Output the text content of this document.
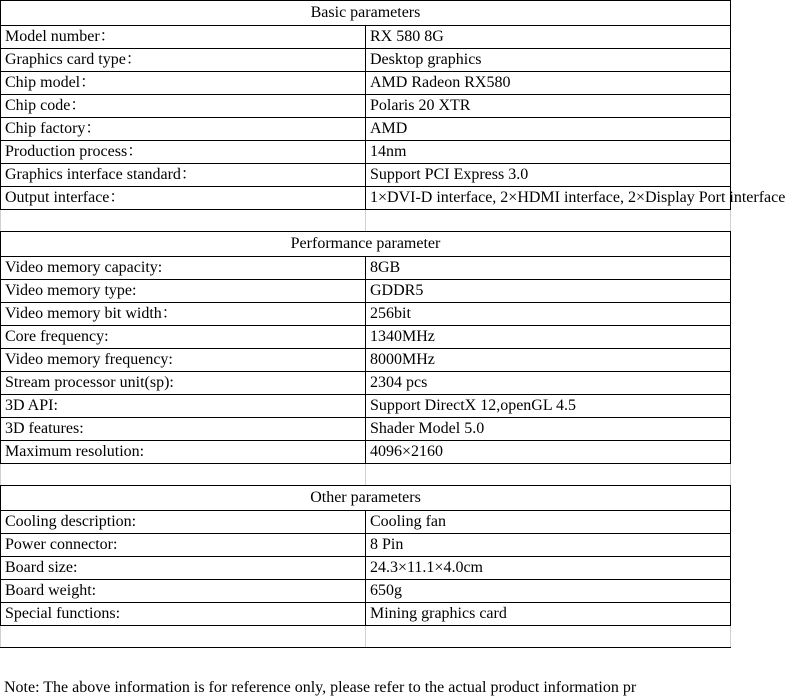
Basic parameters	
Model number：	RX 580 8G
Graphics card type：	Desktop graphics
Chip model：	AMD Radeon RX580
Chip code：	Polaris 20 XTR
Chip factory：	AMD
Production process：	14nm
Graphics interface standard：	Support PCI Express 3.0
Output interface：	1×DVI-D interface, 2×HDMI interface, 2×Display Port interface

Performance parameter	
Video memory capacity:	8GB
Video memory type:	GDDR5
Video memory bit width：	256bit
Core frequency:	1340MHz
Video memory frequency:	8000MHz
Stream processor unit(sp):	2304 pcs
3D API:	Support DirectX 12,openGL 4.5
3D features:	Shader Model 5.0
Maximum resolution:	4096×2160

Other parameters	
Cooling description:	Cooling fan
Power connector:	8 Pin
Board size:	24.3×11.1×4.0cm
Board weight:	650g
Special functions:	Mining graphics card

Note: The above information is for reference only, please refer to the actual product information pr
